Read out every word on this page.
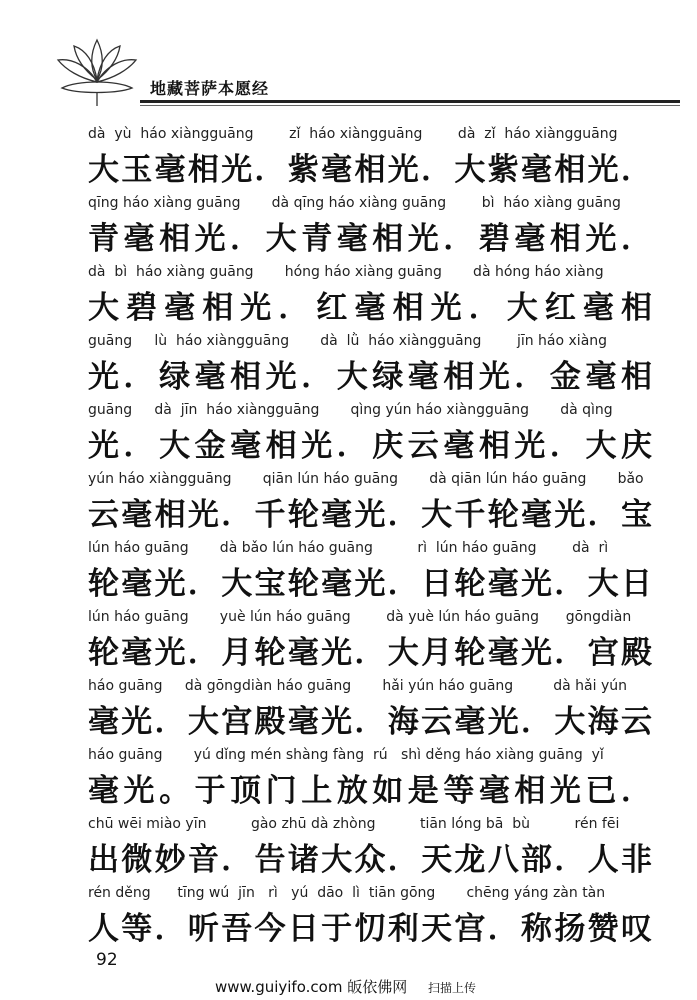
地藏菩萨本愿经
dà  yù  háo xiàngguāng        zǐ  háo xiàngguāng        dà  zǐ  háo xiàngguāng
大玉毫相光．紫毫相光．大紫毫相光．
qīng háo xiàng guāng       dà qīng háo xiàng guāng        bì  háo xiàng guāng
青毫相光．大青毫相光．碧毫相光．
dà  bì  háo xiàng guāng       hóng háo xiàng guāng       dà hóng háo xiàng
大碧毫相光．红毫相光．大红毫相
guāng     lù  háo xiàngguāng       dà  lǜ  háo xiàngguāng        jīn háo xiàng
光．绿毫相光．大绿毫相光．金毫相
guāng     dà  jīn  háo xiàngguāng       qìng yún háo xiàngguāng       dà qìng
光．大金毫相光．庆云毫相光．大庆
yún háo xiàngguāng       qiān lún háo guāng       dà qiān lún háo guāng       bǎo
云毫相光．千轮毫光．大千轮毫光．宝
lún háo guāng       dà bǎo lún háo guāng          rì  lún háo guāng        dà  rì
轮毫光．大宝轮毫光．日轮毫光．大日
lún háo guāng       yuè lún háo guāng        dà yuè lún háo guāng      gōngdiàn
轮毫光．月轮毫光．大月轮毫光．宫殿
háo guāng     dà gōngdiàn háo guāng       hǎi yún háo guāng         dà hǎi yún
毫光．大宫殿毫光．海云毫光．大海云
háo guāng       yú dǐng mén shàng fàng  rú   shì děng háo xiàng guāng  yǐ
毫光。于顶门上放如是等毫相光已．
chū wēi miào yīn          gào zhū dà zhòng          tiān lóng bā  bù          rén fēi
出微妙音．告诸大众．天龙八部．人非
rén děng      tīng wú  jīn   rì   yú  dāo  lì  tiān gōng       chēng yáng zàn tàn
人等．听吾今日于忉利天宫．称扬赞叹
92
www.guiyifo.com 皈依佛网 扫描上传
